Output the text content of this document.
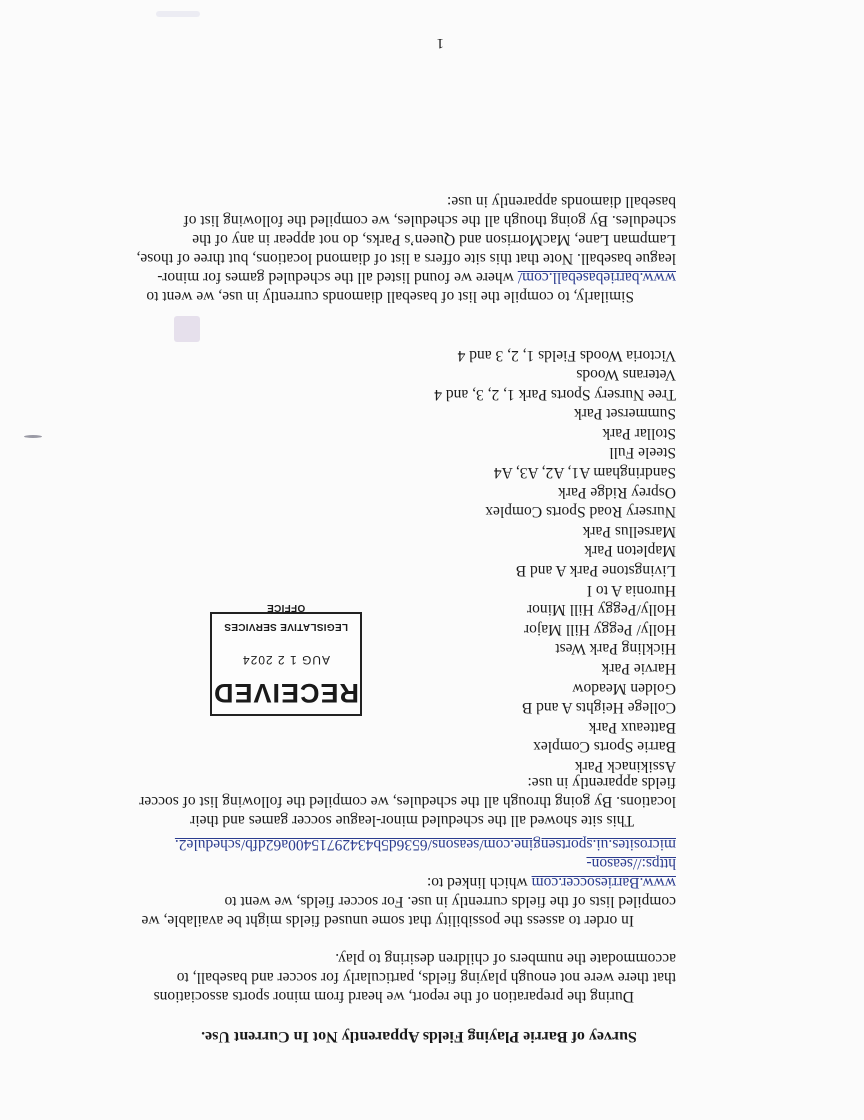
Survey of Barrie Playing Fields Apparently Not In Current Use.

During the preparation of the report, we heard from minor sports associations that there were not enough playing fields, particularly for soccer and baseball, to accommodate the numbers of children desiring to play.

In order to assess the possibility that some unused fields might be available, we compiled lists of the fields currently in use. For soccer fields, we went to

www.Barriesoccer.com which linked to:

https://season-microsites.ui.sportsengine.com/seasons/6536d5b43429715400a62dfb/schedule2.

This site showed all the scheduled minor-league soccer games and their locations. By going through all the schedules, we compiled the following list of soccer fields apparently in use:

Assikinack Park
Barrie Sports Complex
Batteaux Park
College Heights A and B
Golden Meadow
Harvie Park
Hickling Park West
Holly/ Peggy Hill Major
Holly/Peggy Hill Minor
Huronia A to I
Livingstone Park A and B
Mapleton Park
Marsellus Park
Nursery Road Sports Complex
Osprey Ridge Park
Sandringham A1, A2, A3, A4
Steele Full
Stollar Park
Summerset Park
Tree Nursery Sports Park 1, 2, 3, and 4
Veterans Woods
Victoria Woods Fields 1, 2, 3 and 4

Similarly, to compile the list of baseball diamonds currently in use, we went to www.barriebaseball.com/ where we found listed all the scheduled games for minor-league baseball. Note that this site offers a list of diamond locations, but three of those, Lampman Lane, MacMorrison and Queen’s Parks, do not appear in any of the schedules. By going though all the schedules, we compiled the following list of baseball diamonds apparently in use:

1
RECEIVED
AUG 1 2 2024
LEGISLATIVE SERVICES OFFICE
